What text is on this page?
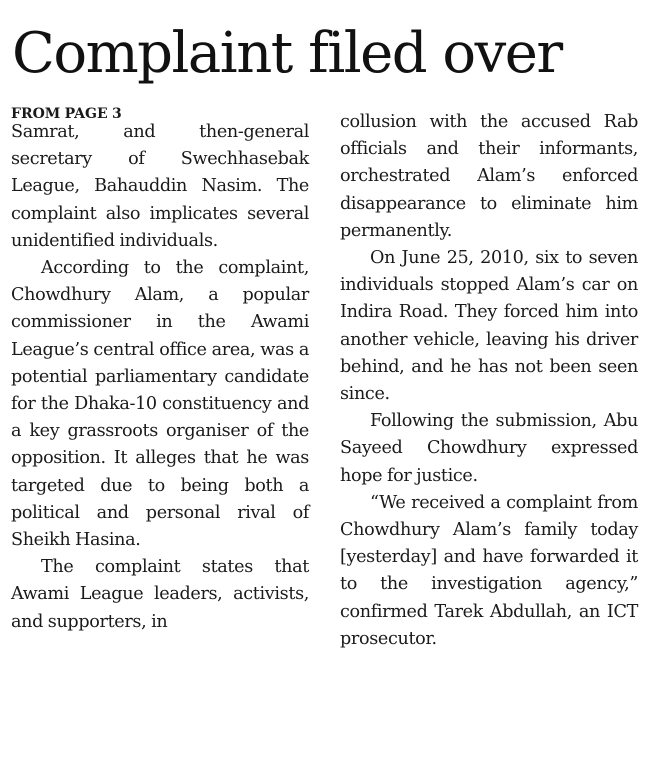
Complaint filed over
FROM PAGE 3

Samrat, and then-general secretary of Swechhasebak League, Bahauddin Nasim. The complaint also implicates several unidentified individuals.

According to the complaint, Chowdhury Alam, a popular commissioner in the Awami League’s central office area, was a potential parliamentary candidate for the Dhaka-10 constituency and a key grassroots organiser of the opposition. It alleges that he was targeted due to being both a political and personal rival of Sheikh Hasina.

The complaint states that Awami League leaders, activists, and supporters, in

collusion with the accused Rab officials and their informants, orchestrated Alam’s enforced disappearance to eliminate him permanently.

On June 25, 2010, six to seven individuals stopped Alam’s car on Indira Road. They forced him into another vehicle, leaving his driver behind, and he has not been seen since.

Following the submission, Abu Sayeed Chowdhury expressed hope for justice.

“We received a complaint from Chowdhury Alam’s family today [yesterday] and have forwarded it to the investigation agency,” confirmed Tarek Abdullah, an ICT prosecutor.
